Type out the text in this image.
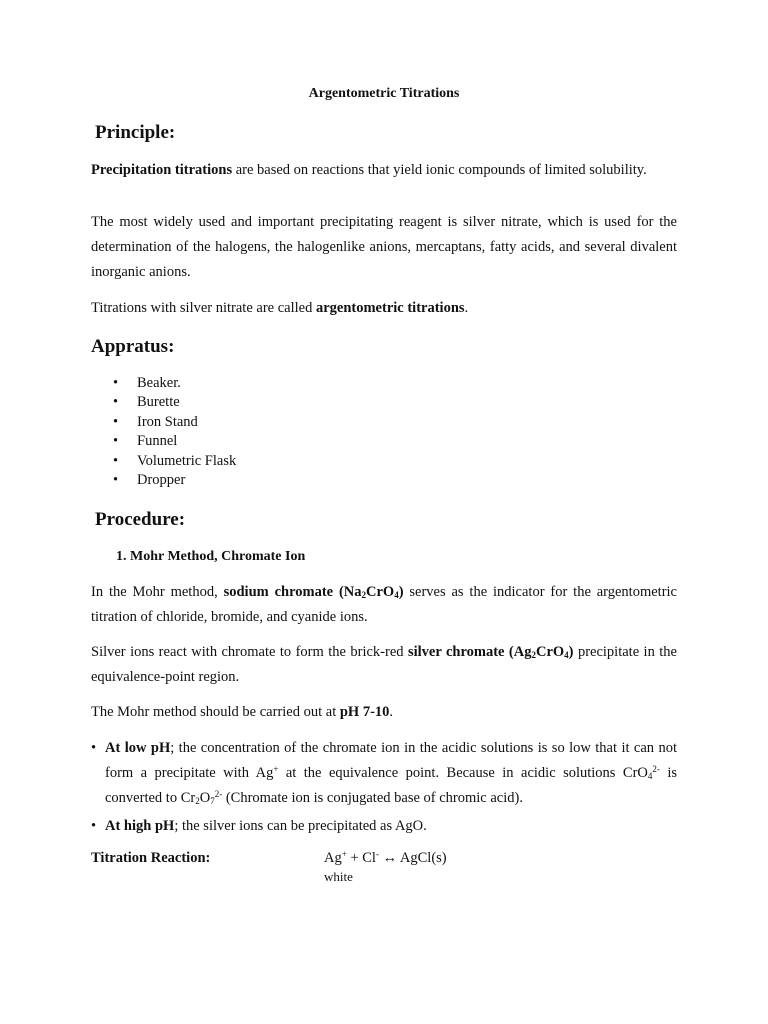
Argentometric Titrations
Principle:

Precipitation titrations are based on reactions that yield ionic compounds of limited solubility.

The most widely used and important precipitating reagent is silver nitrate, which is used for the determination of the halogens, the halogenlike anions, mercaptans, fatty acids, and several divalent inorganic anions.

Titrations with silver nitrate are called argentometric titrations.

Appratus:
•	Beaker.
•	Burette
•	Iron Stand
•	Funnel
•	Volumetric Flask
•	Dropper
Procedure:
1. Mohr Method, Chromate Ion

In the Mohr method, sodium chromate $(Na_2CrO_4)$ serves as the indicator for the argentometric titration of chloride, bromide, and cyanide ions.

Silver ions react with chromate to form the brick-red silver chromate $(Ag_2CrO_4)$ precipitate in the equivalence-point region.

The Mohr method should be carried out at pH 7-10.

• At low pH; the concentration of the chromate ion in the acidic solutions is so low that it can not form a precipitate with Ag+ at the equivalence point. Because in acidic solutions CrO$_4^{2-}$ is converted to $Cr_2O_7^{2-}$ (Chromate ion is conjugated base of chromic acid).
• At high pH; the silver ions can be precipitated as AgO.
Titration Reaction:	Ag+ + Cl- ↔ AgCl(s)
white
